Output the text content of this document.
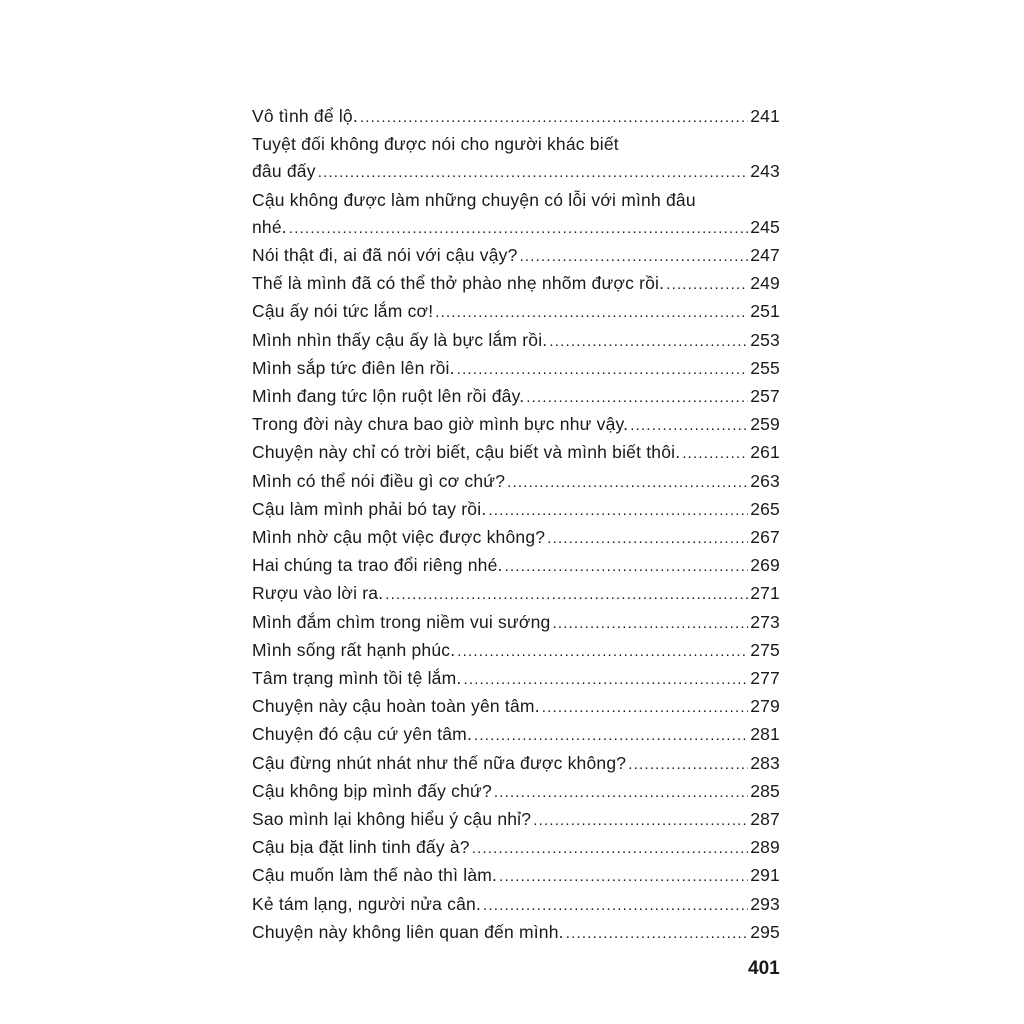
Vô tình để lộ. .....	241
Tuyệt đối không được nói cho người khác biết
đâu đấy .....	243
Cậu không được làm những chuyện có lỗi với mình đâu
nhé. .....	245
Nói thật đi, ai đã nói với cậu vậy? .....	247
Thế là mình đã có thể thở phào nhẹ nhõm được rồi. .....	249
Cậu ấy nói tức lắm cơ! .....	251
Mình nhìn thấy cậu ấy là bực lắm rồi. .....	253
Mình sắp tức điên lên rồi. .....	255
Mình đang tức lộn ruột lên rồi đây. .....	257
Trong đời này chưa bao giờ mình bực như vậy. .....	259
Chuyện này chỉ có trời biết, cậu biết và mình biết thôi. .....	261
Mình có thể nói điều gì cơ chứ? .....	263
Cậu làm mình phải bó tay rồi. .....	265
Mình nhờ cậu một việc được không? .....	267
Hai chúng ta trao đổi riêng nhé. .....	269
Rượu vào lời ra. .....	271
Mình đắm chìm trong niềm vui sướng .....	273
Mình sống rất hạnh phúc. .....	275
Tâm trạng mình tồi tệ lắm. .....	277
Chuyện này cậu hoàn toàn yên tâm. .....	279
Chuyện đó cậu cứ yên tâm. .....	281
Cậu đừng nhút nhát như thế nữa được không? .....	283
Cậu không bịp mình đấy chứ? .....	285
Sao mình lại không hiểu ý cậu nhỉ? .....	287
Cậu bịa đặt linh tinh đấy à? .....	289
Cậu muốn làm thế nào thì làm. .....	291
Kẻ tám lạng, người nửa cân. .....	293
Chuyện này không liên quan đến mình. .....	295
401
